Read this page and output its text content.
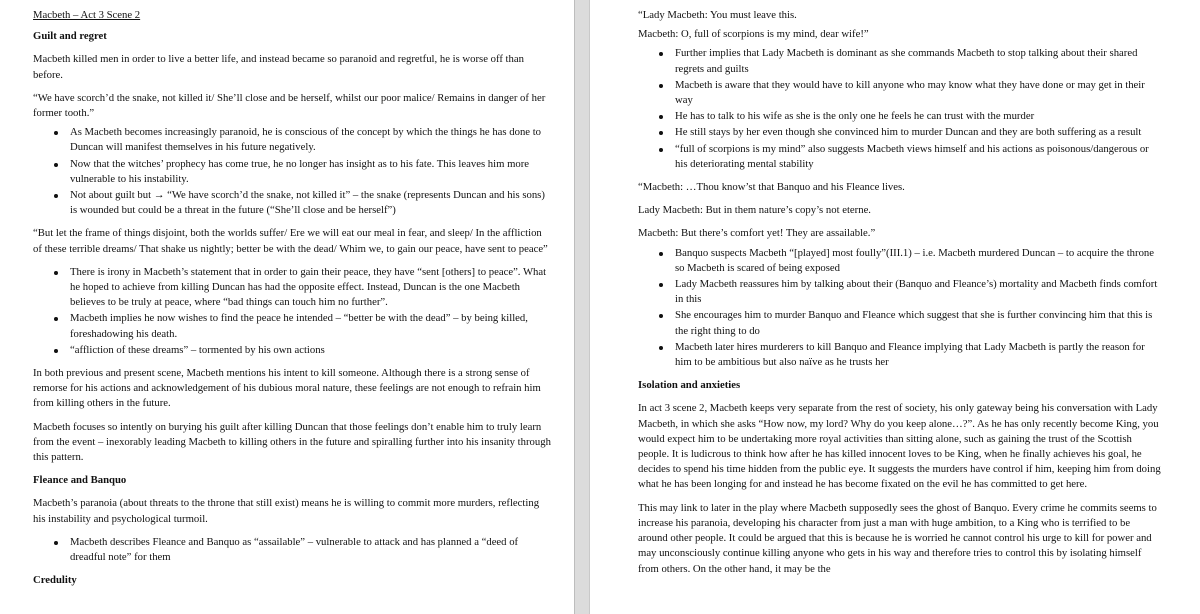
Macbeth – Act 3 Scene 2

Guilt and regret

Macbeth killed men in order to live a better life, and instead became so paranoid and regretful, he is worse off than before.

“We have scorch’d the snake, not killed it/ She’ll close and be herself, whilst our poor malice/ Remains in danger of her former tooth.”

As Macbeth becomes increasingly paranoid, he is conscious of the concept by which the things he has done to Duncan will manifest themselves in his future negatively.
Now that the witches’ prophecy has come true, he no longer has insight as to his fate. This leaves him more vulnerable to his instability.
Not about guilt but → “We have scorch’d the snake, not killed it” – the snake (represents Duncan and his sons) is wounded but could be a threat in the future (“She’ll close and be herself”)

“But let the frame of things disjoint, both the worlds suffer/ Ere we will eat our meal in fear, and sleep/ In the affliction of these terrible dreams/ That shake us nightly; better be with the dead/ Whim we, to gain our peace, have sent to peace”

There is irony in Macbeth’s statement that in order to gain their peace, they have “sent [others] to peace”. What he hoped to achieve from killing Duncan has had the opposite effect. Instead, Duncan is the one Macbeth believes to be truly at peace, where “bad things can touch him no further”.
Macbeth implies he now wishes to find the peace he intended – “better be with the dead” – by being killed, foreshadowing his death.
“affliction of these dreams” – tormented by his own actions

In both previous and present scene, Macbeth mentions his intent to kill someone. Although there is a strong sense of remorse for his actions and acknowledgement of his dubious moral nature, these feelings are not enough to refrain him from killing others in the future.

Macbeth focuses so intently on burying his guilt after killing Duncan that those feelings don’t enable him to truly learn from the event – inexorably leading Macbeth to killing others in the future and spiralling further into his insanity through this pattern.

Fleance and Banquo

Macbeth’s paranoia (about threats to the throne that still exist) means he is willing to commit more murders, reflecting his instability and psychological turmoil.

Macbeth describes Fleance and Banquo as “assailable” – vulnerable to attack and has planned a “deed of dreadful note” for them

Credulity

“Lady Macbeth: You must leave this.

Macbeth: O, full of scorpions is my mind, dear wife!”

Further implies that Lady Macbeth is dominant as she commands Macbeth to stop talking about their shared regrets and guilts
Macbeth is aware that they would have to kill anyone who may know what they have done or may get in their way
He has to talk to his wife as she is the only one he feels he can trust with the murder
He still stays by her even though she convinced him to murder Duncan and they are both suffering as a result
“full of scorpions is my mind” also suggests Macbeth views himself and his actions as poisonous/dangerous or his deteriorating mental stability

“Macbeth: …Thou know’st that Banquo and his Fleance lives.

Lady Macbeth: But in them nature’s copy’s not eterne.

Macbeth: But there’s comfort yet! They are assailable.”

Banquo suspects Macbeth “[played] most foully”(III.1) – i.e. Macbeth murdered Duncan – to acquire the throne so Macbeth is scared of being exposed
Lady Macbeth reassures him by talking about their (Banquo and Fleance’s) mortality and Macbeth finds comfort in this
She encourages him to murder Banquo and Fleance which suggest that she is further convincing him that this is the right thing to do
Macbeth later hires murderers to kill Banquo and Fleance implying that Lady Macbeth is partly the reason for him to be ambitious but also naïve as he trusts her

Isolation and anxieties

In act 3 scene 2, Macbeth keeps very separate from the rest of society, his only gateway being his conversation with Lady Macbeth, in which she asks “How now, my lord? Why do you keep alone…?”. As he has only recently become King, you would expect him to be undertaking more royal activities than sitting alone, such as gaining the trust of the Scottish people. It is ludicrous to think how after he has killed innocent loves to be King, when he finally achieves his goal, he decides to spend his time hidden from the public eye. It suggests the murders have control if him, keeping him from doing what he has been longing for and instead he has become fixated on the evil he has committed to get here.

This may link to later in the play where Macbeth supposedly sees the ghost of Banquo. Every crime he commits seems to increase his paranoia, developing his character from just a man with huge ambition, to a King who is terrified to be around other people. It could be argued that this is because he is worried he cannot control his urge to kill for power and may unconsciously continue killing anyone who gets in his way and therefore tries to control this by isolating himself from others. On the other hand, it may be the
